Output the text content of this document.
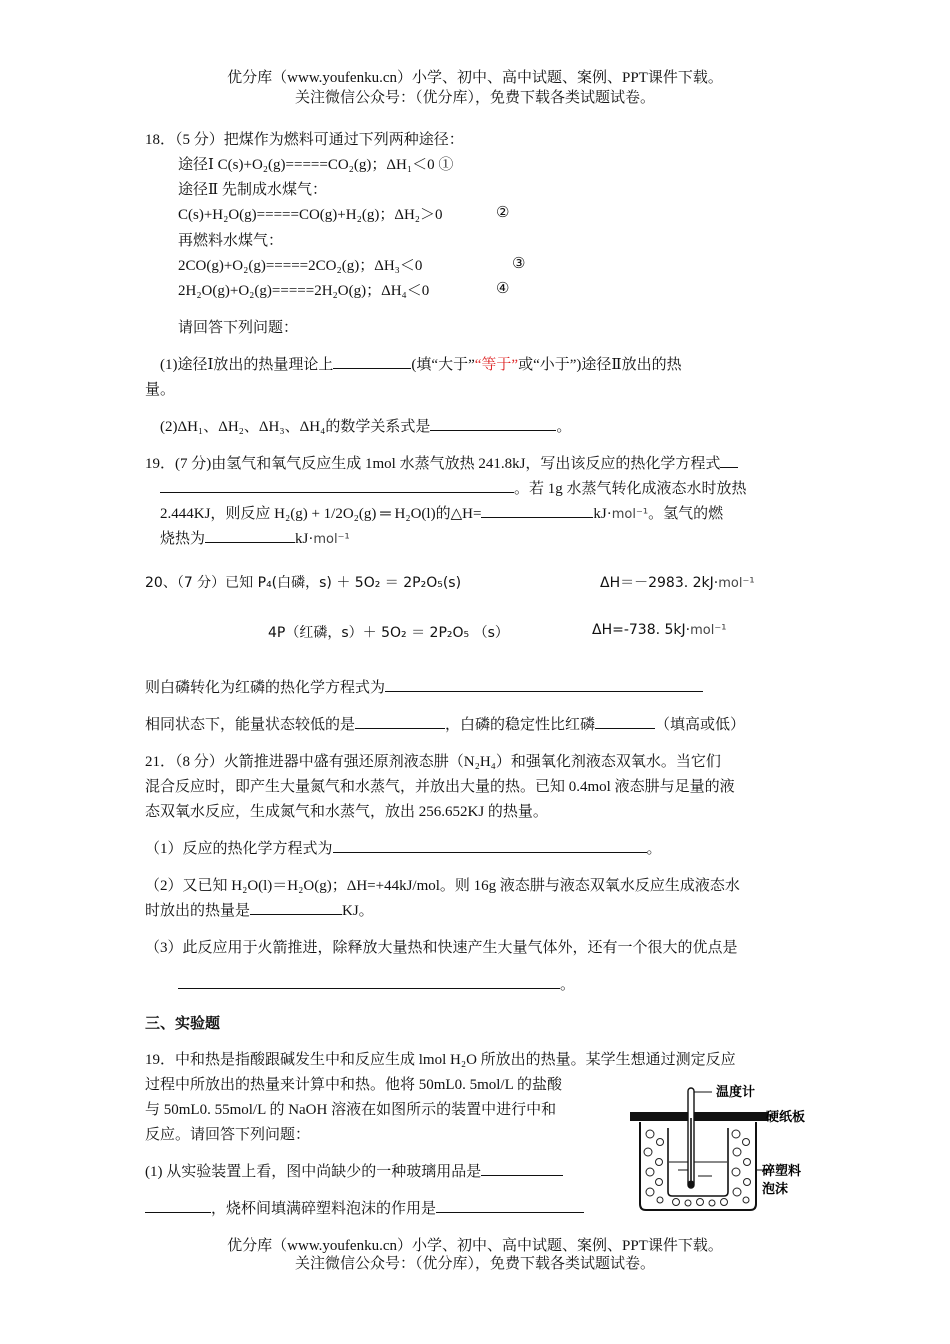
优分库（www.youfenku.cn）小学、初中、高中试题、案例、PPT课件下载。
关注微信公众号：（优分库），免费下载各类试题试卷。
18．（5 分）把煤作为燃料可通过下列两种途径：
途径Ⅰ C(s)+O₂(g)=====CO₂(g)；ΔH₁＜0 ①
途径Ⅱ 先制成水煤气：
C(s)+H₂O(g)=====CO(g)+H₂(g)；ΔH₂＞0	②
再燃料水煤气：
2CO(g)+O₂(g)=====2CO₂(g)；ΔH₃＜0	③
2H₂O(g)+O₂(g)=====2H₂O(g)；ΔH₄＜0	④
请回答下列问题：
(1)途径Ⅰ放出的热量理论上	(填“大于”“等于”或“小于”)途径Ⅱ放出的热
量。
(2)ΔH₁、ΔH₂、ΔH₃、ΔH₄的数学关系式是	。
19．(7 分)由氢气和氧气反应生成 1mol 水蒸气放热 241.8kJ，写出该反应的热化学方程式
。若 1g 水蒸气转化成液态水时放热
2.444KJ，则反应 H₂(g) + 1/2O₂(g) ═ H₂O(l)的△H=	kJ·mol⁻¹。氢气的燃
烧热为	kJ·mol⁻¹
20、（7 分）已知 P₄(白磷，s) ＋ 5O₂ ＝ 2P₂O₅(s)	ΔH＝－2983. 2kJ·mol⁻¹
4P（红磷，s）＋ 5O₂ ＝ 2P₂O₅ （s）	ΔH=-738. 5kJ·mol⁻¹
则白磷转化为红磷的热化学方程式为
相同状态下，能量状态较低的是	，白磷的稳定性比红磷	（填高或低）
21．（8 分）火箭推进器中盛有强还原剂液态肼（N₂H₄）和强氧化剂液态双氧水。当它们
混合反应时，即产生大量氮气和水蒸气，并放出大量的热。已知 0.4mol 液态肼与足量的液
态双氧水反应，生成氮气和水蒸气，放出 256.652KJ 的热量。
（1）反应的热化学方程式为	。
（2）又已知 H₂O(l)＝H₂O(g)；ΔH=+44kJ/mol。则 16g 液态肼与液态双氧水反应生成液态水
时放出的热量是	KJ。
（3）此反应用于火箭推进，除释放大量热和快速产生大量气体外，还有一个很大的优点是
。
三、实验题
19．中和热是指酸跟碱发生中和反应生成 lmol H₂O 所放出的热量。某学生想通过测定反应
过程中所放出的热量来计算中和热。他将 50mL0. 5mol/L 的盐酸
与 50mL0. 55mol/L 的 NaOH 溶液在如图所示的装置中进行中和
反应。请回答下列问题：
(1) 从实验装置上看，图中尚缺少的一种玻璃用品是
，烧杯间填满碎塑料泡沫的作用是
温度计
硬纸板
碎塑料
泡沫
优分库（www.youfenku.cn）小学、初中、高中试题、案例、PPT课件下载。
关注微信公众号：（优分库），免费下载各类试题试卷。
